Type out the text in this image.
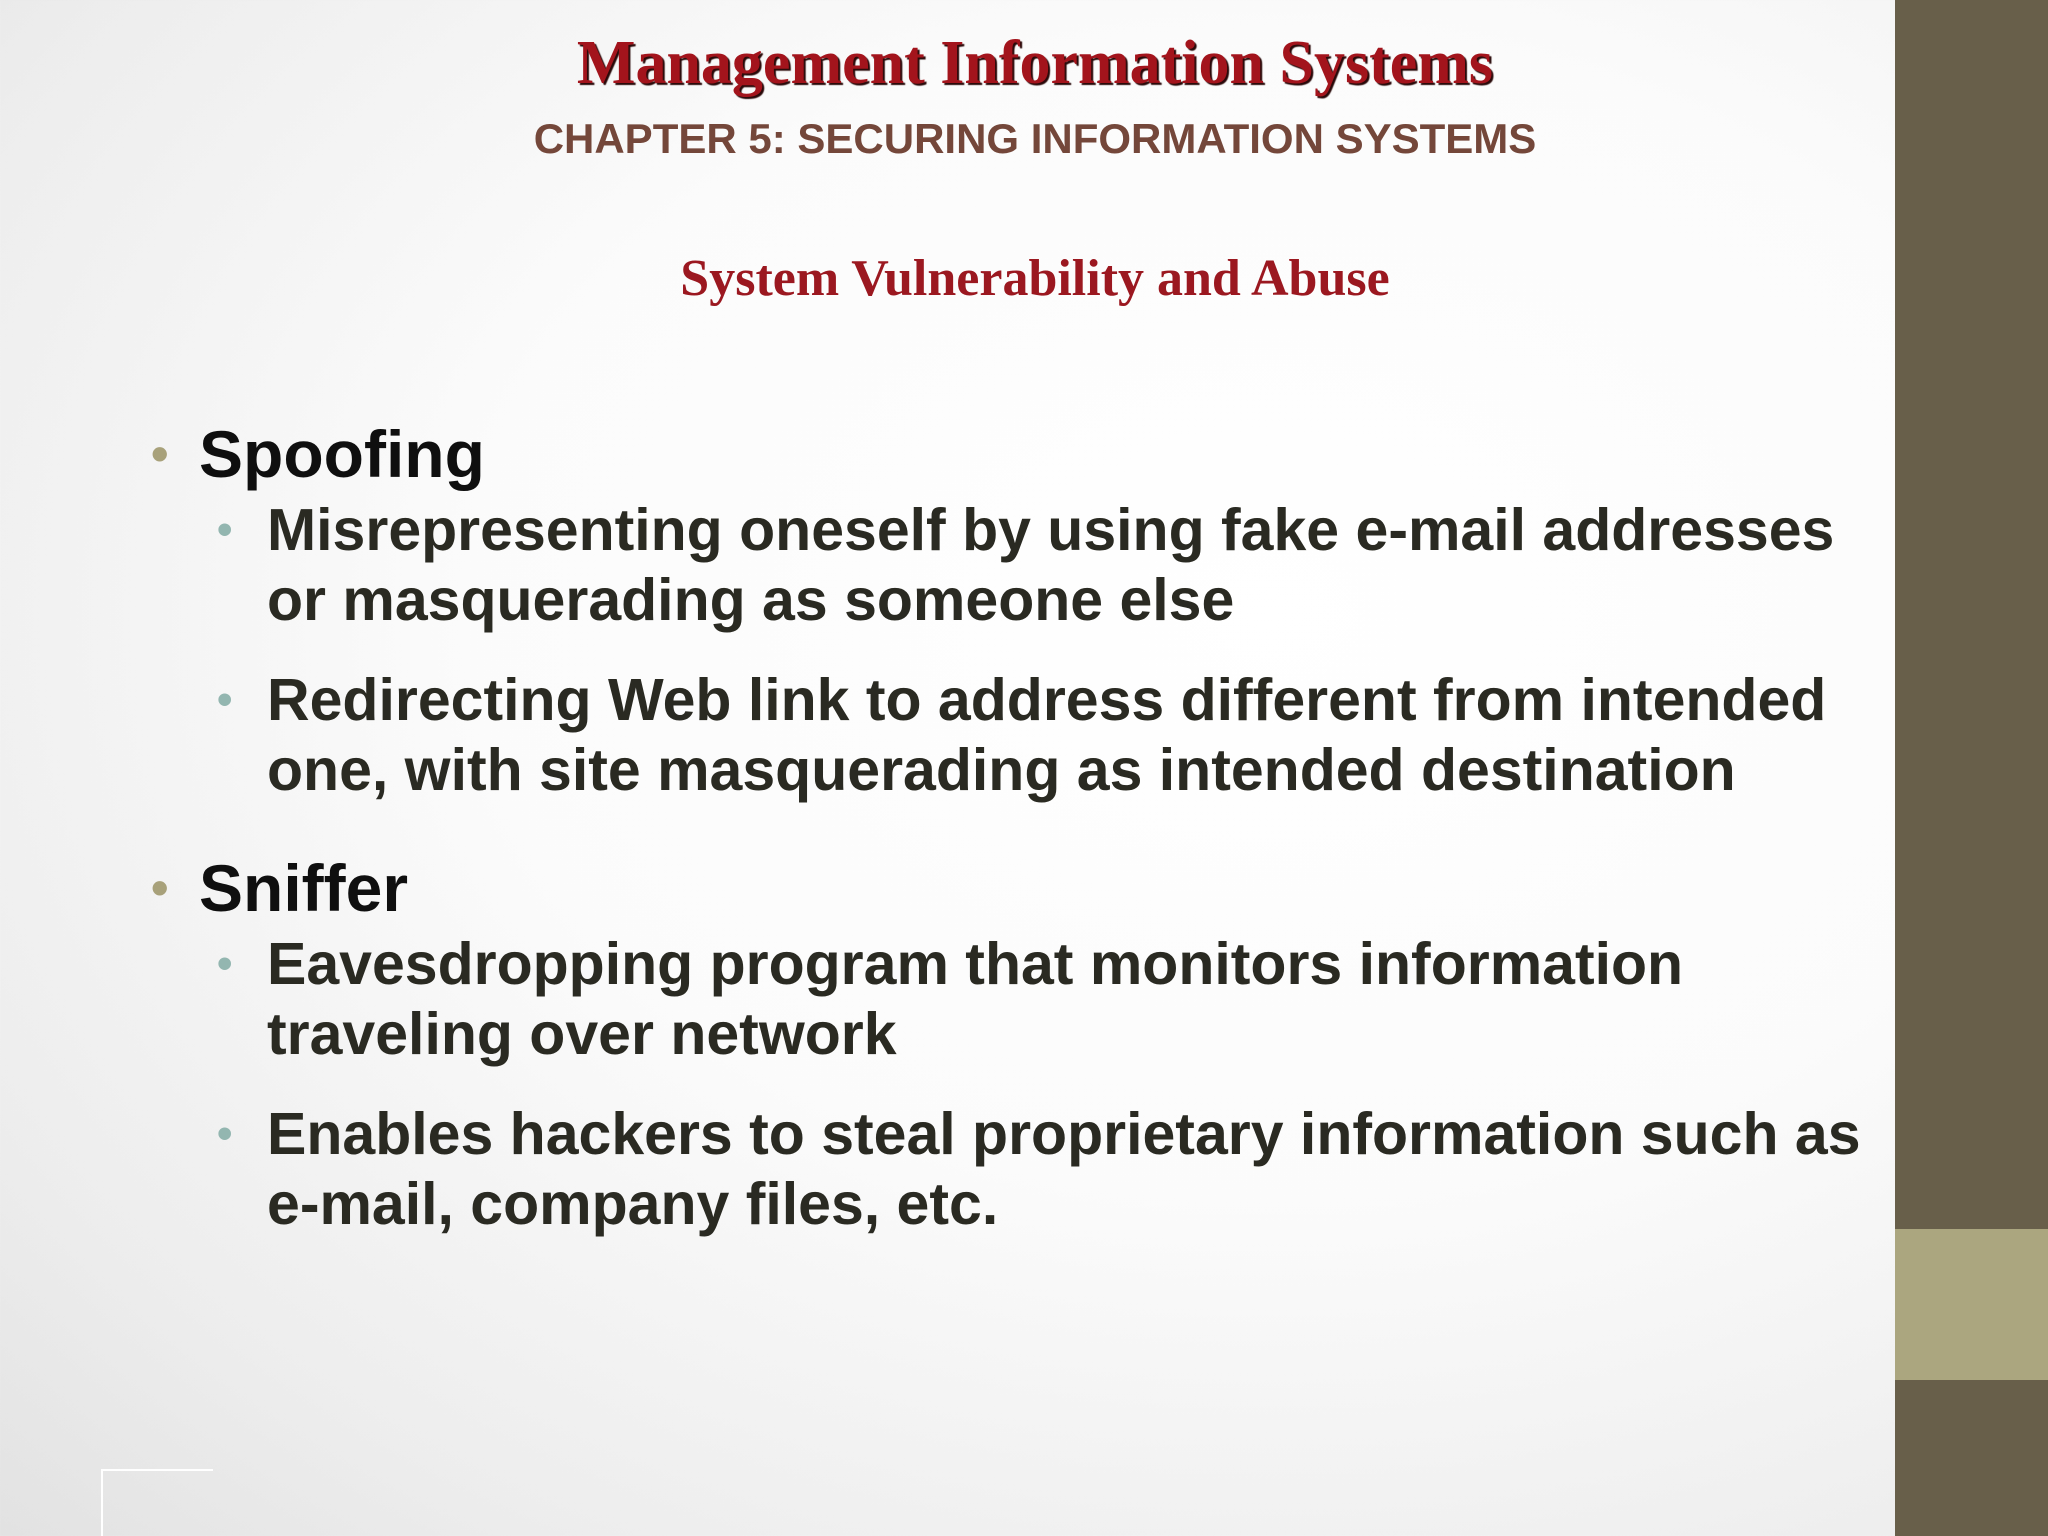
Management Information Systems
CHAPTER 5: SECURING INFORMATION SYSTEMS
System Vulnerability and Abuse
• Spoofing
• Misrepresenting oneself by using fake e-mail addresses or masquerading as someone else
• Redirecting Web link to address different from intended one, with site masquerading as intended destination
• Sniffer
• Eavesdropping program that monitors information traveling over network
• Enables hackers to steal proprietary information such as e-mail, company files, etc.
